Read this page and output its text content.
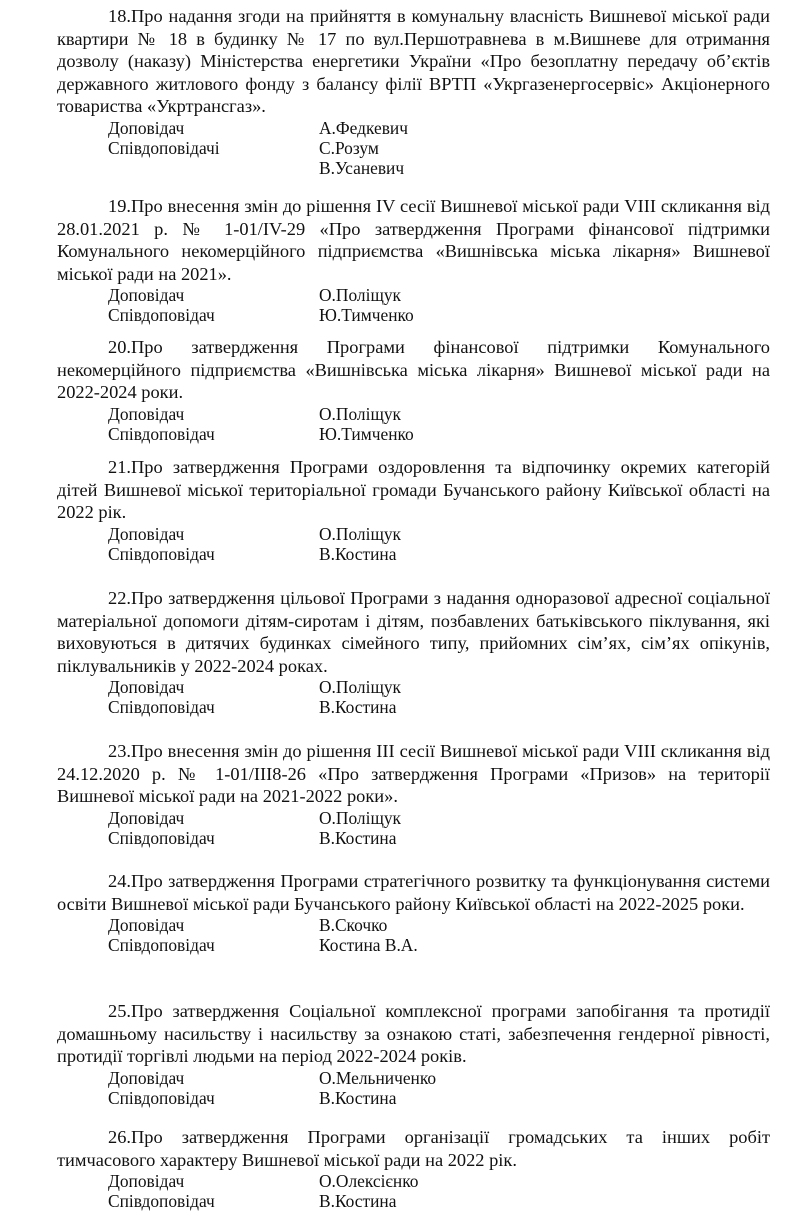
18.Про надання згоди на прийняття в комунальну власність Вишневої міської ради квартири № 18 в будинку № 17 по вул.Першотравнева в м.Вишневе для отримання дозволу (наказу) Міністерства енергетики України «Про безоплатну передачу об’єктів державного житлового фонду з балансу філії ВРТП «Укргазенергосервіс» Акціонерного товариства «Укртрансгаз».

Доповідач	А.Федкевич
Співдоповідачі	С.Розум
В.Усаневич

19.Про внесення змін до рішення IV сесії Вишневої міської ради VIII скликання від 28.01.2021 р. № 1-01/IV-29 «Про затвердження Програми фінансової підтримки Комунального некомерційного підприємства «Вишнівська міська лікарня» Вишневої міської ради на 2021».

Доповідач	О.Поліщук
Співдоповідач	Ю.Тимченко

20.Про затвердження Програми фінансової підтримки Комунального некомерційного підприємства «Вишнівська міська лікарня» Вишневої міської ради на 2022-2024 роки.

Доповідач	О.Поліщук
Співдоповідач	Ю.Тимченко

21.Про затвердження Програми оздоровлення та відпочинку окремих категорій дітей Вишневої міської територіальної громади Бучанського району Київської області на 2022 рік.

Доповідач	О.Поліщук
Співдоповідач	В.Костина

22.Про затвердження цільової Програми з надання одноразової адресної соціальної матеріальної допомоги дітям-сиротам і дітям, позбавлених батьківського піклування, які виховуються в дитячих будинках сімейного типу, прийомних сім’ях, сім’ях опікунів, піклувальників у 2022-2024 роках.

Доповідач	О.Поліщук
Співдоповідач	В.Костина

23.Про внесення змін до рішення III сесії Вишневої міської ради VIII скликання від 24.12.2020 р. № 1-01/III8-26 «Про затвердження Програми «Призов» на території Вишневої міської ради на 2021-2022 роки».

Доповідач	О.Поліщук
Співдоповідач	В.Костина

24.Про затвердження Програми стратегічного розвитку та функціонування системи освіти Вишневої міської ради Бучанського району Київської області на 2022-2025 роки.

Доповідач	В.Скочко
Співдоповідач	Костина В.А.

25.Про затвердження Соціальної комплексної програми запобігання та протидії домашньому насильству і насильству за ознакою статі, забезпечення гендерної рівності, протидії торгівлі людьми на період 2022-2024 років.

Доповідач	О.Мельниченко
Співдоповідач	В.Костина

26.Про затвердження Програми організації громадських та інших робіт тимчасового характеру Вишневої міської ради на 2022 рік.

Доповідач	О.Олексієнко
Співдоповідач	В.Костина
